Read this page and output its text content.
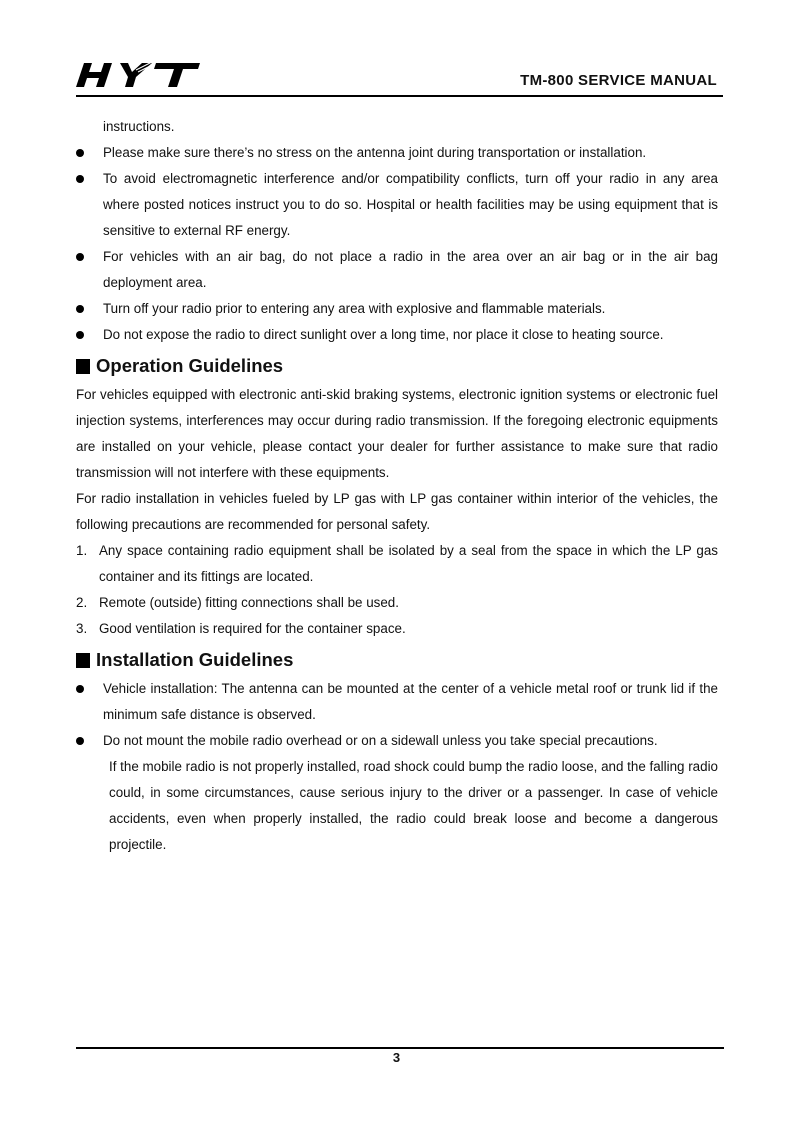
TM-800 SERVICE MANUAL

instructions.

Please make sure there’s no stress on the antenna joint during transportation or installation.
To avoid electromagnetic interference and/or compatibility conflicts, turn off your radio in any area where posted notices instruct you to do so. Hospital or health facilities may be using equipment that is sensitive to external RF energy.
For vehicles with an air bag, do not place a radio in the area over an air bag or in the air bag deployment area.
Turn off your radio prior to entering any area with explosive and flammable materials.
Do not expose the radio to direct sunlight over a long time, nor place it close to heating source.
Operation Guidelines

For vehicles equipped with electronic anti-skid braking systems, electronic ignition systems or electronic fuel injection systems, interferences may occur during radio transmission. If the foregoing electronic equipments are installed on your vehicle, please contact your dealer for further assistance to make sure that radio transmission will not interfere with these equipments.

For radio installation in vehicles fueled by LP gas with LP gas container within interior of the vehicles, the following precautions are recommended for personal safety.

1. Any space containing radio equipment shall be isolated by a seal from the space in which the LP gas container and its fittings are located.
2. Remote (outside) fitting connections shall be used.
3. Good ventilation is required for the container space.
Installation Guidelines
Vehicle installation: The antenna can be mounted at the center of a vehicle metal roof or trunk lid if the minimum safe distance is observed.
Do not mount the mobile radio overhead or on a sidewall unless you take special precautions.

If the mobile radio is not properly installed, road shock could bump the radio loose, and the falling radio could, in some circumstances, cause serious injury to the driver or a passenger. In case of vehicle accidents, even when properly installed, the radio could break loose and become a dangerous projectile.

3
